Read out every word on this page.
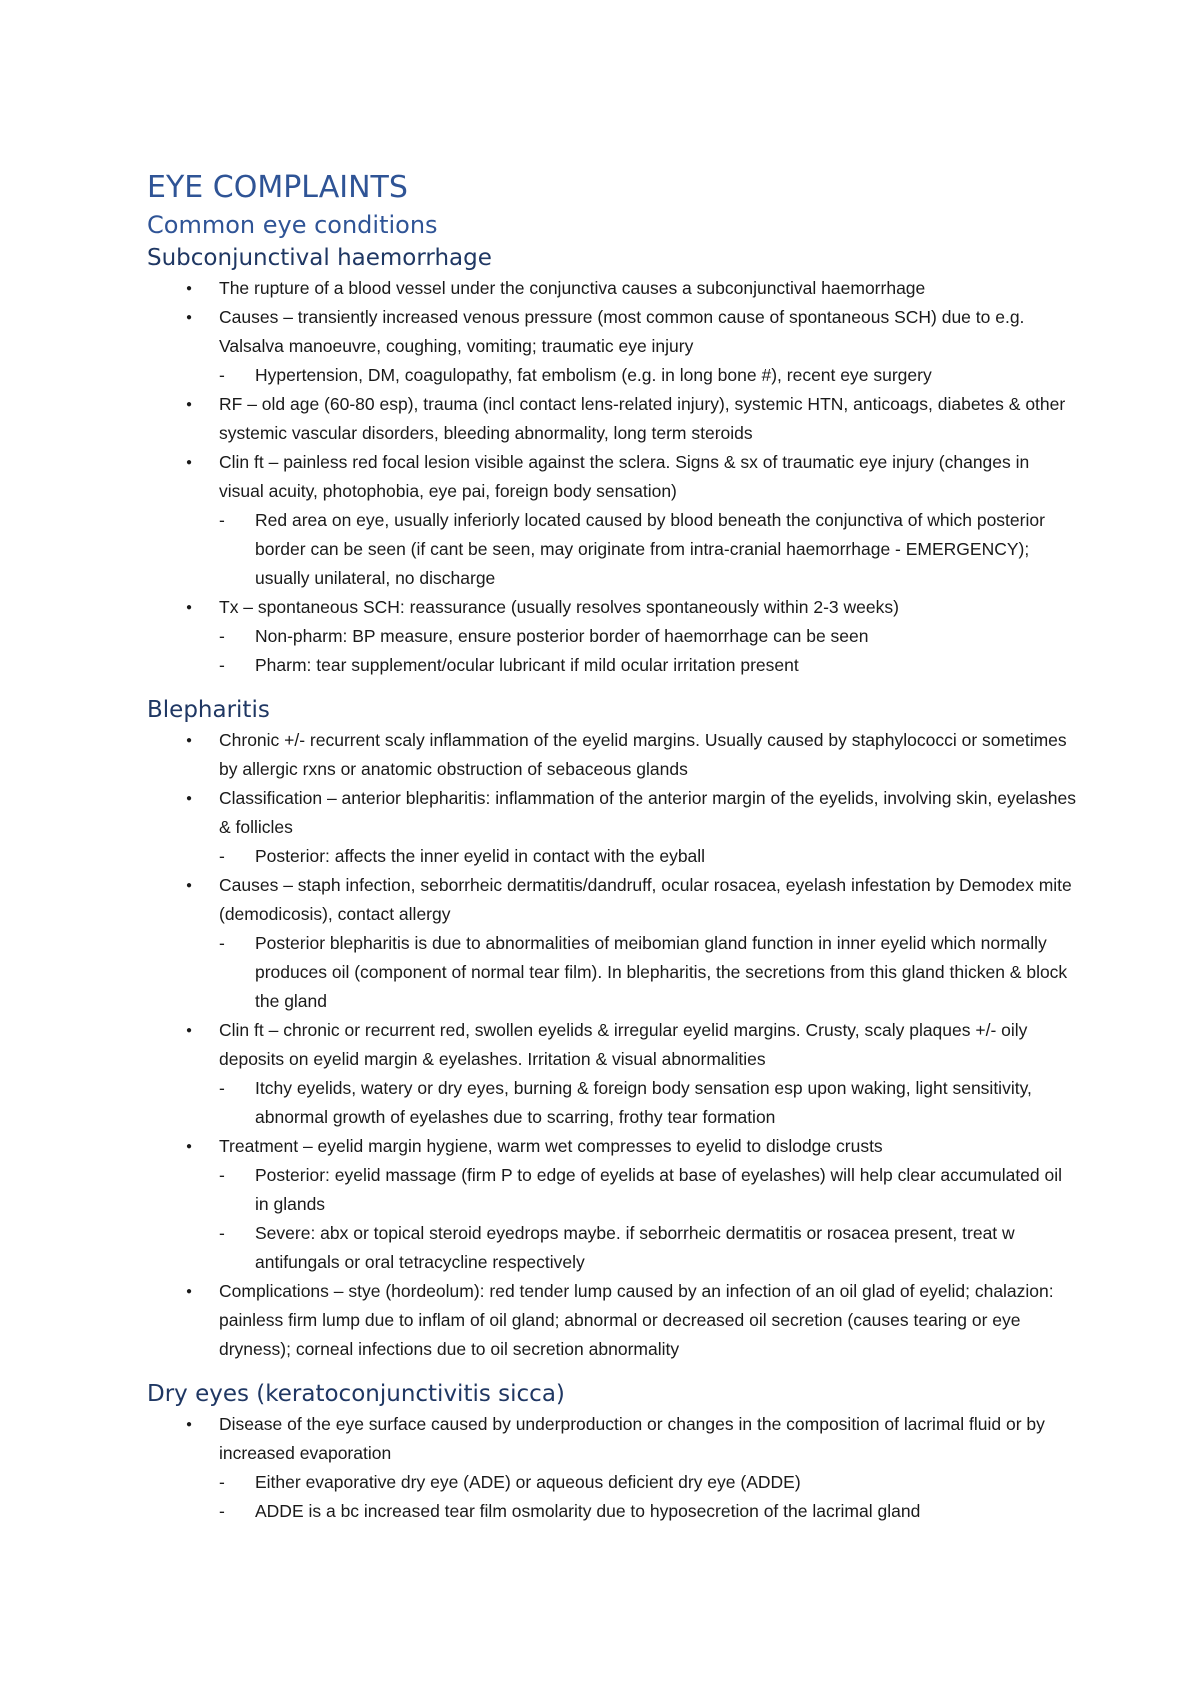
EYE COMPLAINTS
Common eye conditions
Subconjunctival haemorrhage
● The rupture of a blood vessel under the conjunctiva causes a subconjunctival haemorrhage
● Causes – transiently increased venous pressure (most common cause of spontaneous SCH) due to e.g. Valsalva manoeuvre, coughing, vomiting; traumatic eye injury
- Hypertension, DM, coagulopathy, fat embolism (e.g. in long bone #), recent eye surgery
● RF – old age (60-80 esp), trauma (incl contact lens-related injury), systemic HTN, anticoags, diabetes & other systemic vascular disorders, bleeding abnormality, long term steroids
● Clin ft – painless red focal lesion visible against the sclera. Signs & sx of traumatic eye injury (changes in visual acuity, photophobia, eye pai, foreign body sensation)
- Red area on eye, usually inferiorly located caused by blood beneath the conjunctiva of which posterior border can be seen (if cant be seen, may originate from intra-cranial haemorrhage - EMERGENCY); usually unilateral, no discharge
● Tx – spontaneous SCH: reassurance (usually resolves spontaneously within 2-3 weeks)
- Non-pharm: BP measure, ensure posterior border of haemorrhage can be seen
- Pharm: tear supplement/ocular lubricant if mild ocular irritation present
Blepharitis
● Chronic +/- recurrent scaly inflammation of the eyelid margins. Usually caused by staphylococci or sometimes by allergic rxns or anatomic obstruction of sebaceous glands
● Classification – anterior blepharitis: inflammation of the anterior margin of the eyelids, involving skin, eyelashes & follicles
- Posterior: affects the inner eyelid in contact with the eyball
● Causes – staph infection, seborrheic dermatitis/dandruff, ocular rosacea, eyelash infestation by Demodex mite (demodicosis), contact allergy
- Posterior blepharitis is due to abnormalities of meibomian gland function in inner eyelid which normally produces oil (component of normal tear film). In blepharitis, the secretions from this gland thicken & block the gland
● Clin ft – chronic or recurrent red, swollen eyelids & irregular eyelid margins. Crusty, scaly plaques +/- oily deposits on eyelid margin & eyelashes. Irritation & visual abnormalities
- Itchy eyelids, watery or dry eyes, burning & foreign body sensation esp upon waking, light sensitivity, abnormal growth of eyelashes due to scarring, frothy tear formation
● Treatment – eyelid margin hygiene, warm wet compresses to eyelid to dislodge crusts
- Posterior: eyelid massage (firm P to edge of eyelids at base of eyelashes) will help clear accumulated oil in glands
- Severe: abx or topical steroid eyedrops maybe. if seborrheic dermatitis or rosacea present, treat w antifungals or oral tetracycline respectively
● Complications – stye (hordeolum): red tender lump caused by an infection of an oil glad of eyelid; chalazion: painless firm lump due to inflam of oil gland; abnormal or decreased oil secretion (causes tearing or eye dryness); corneal infections due to oil secretion abnormality
Dry eyes (keratoconjunctivitis sicca)
● Disease of the eye surface caused by underproduction or changes in the composition of lacrimal fluid or by increased evaporation
- Either evaporative dry eye (ADE) or aqueous deficient dry eye (ADDE)
- ADDE is a bc increased tear film osmolarity due to hyposecretion of the lacrimal gland
